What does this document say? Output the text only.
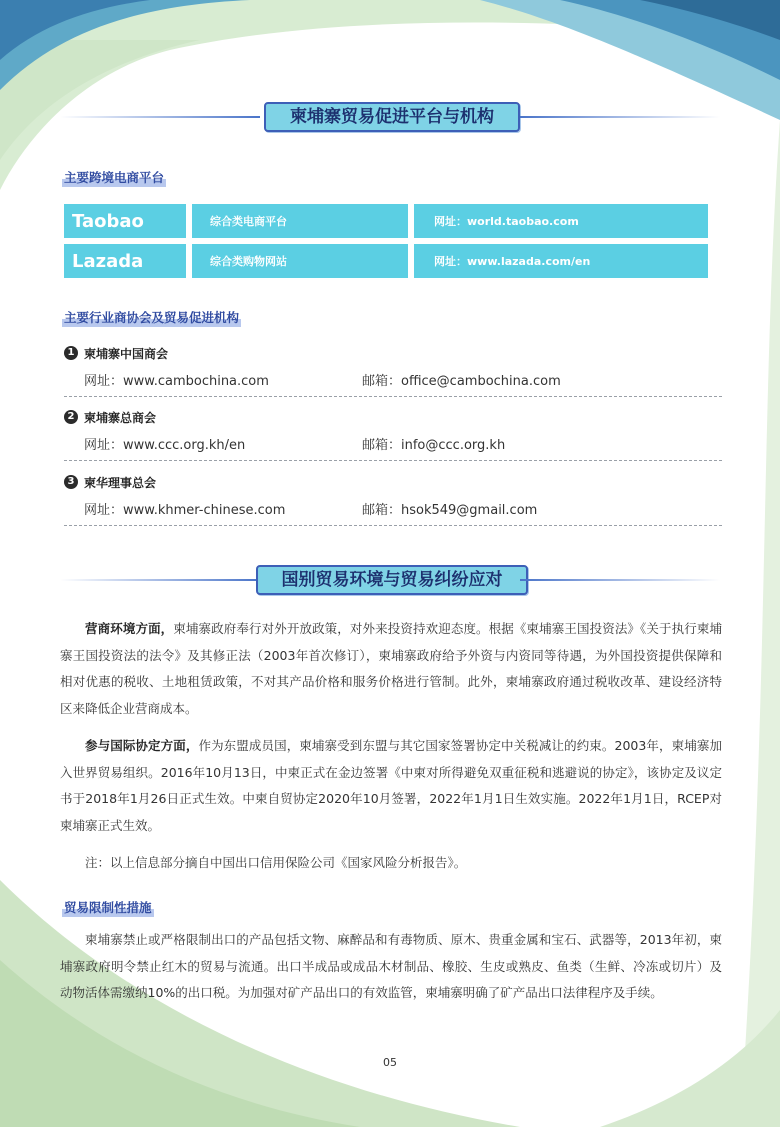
柬埔寨贸易促进平台与机构
主要跨境电商平台
Taobao	综合类电商平台	网址：world.taobao.com
Lazada	综合类购物网站	网址：www.lazada.com/en
主要行业商协会及贸易促进机构
1 柬埔寨中国商会
网址：www.cambochina.com	邮箱：office@cambochina.com
2 柬埔寨总商会
网址：www.ccc.org.kh/en	邮箱：info@ccc.org.kh
3 柬华理事总会
网址：www.khmer-chinese.com	邮箱：hsok549@gmail.com
国别贸易环境与贸易纠纷应对
营商环境方面，柬埔寨政府奉行对外开放政策，对外来投资持欢迎态度。根据《柬埔寨王国投资法》《关于执行柬埔寨王国投资法的法令》及其修正法（2003年首次修订），柬埔寨政府给予外资与内资同等待遇，为外国投资提供保障和相对优惠的税收、土地租赁政策，不对其产品价格和服务价格进行管制。此外，柬埔寨政府通过税收改革、建设经济特区来降低企业营商成本。
参与国际协定方面，作为东盟成员国，柬埔寨受到东盟与其它国家签署协定中关税减让的约束。2003年，柬埔寨加入世界贸易组织。2016年10月13日，中柬正式在金边签署《中柬对所得避免双重征税和逃避说的协定》，该协定及议定书于2018年1月26日正式生效。中柬自贸协定2020年10月签署，2022年1月1日生效实施。2022年1月1日，RCEP对柬埔寨正式生效。
注：以上信息部分摘自中国出口信用保险公司《国家风险分析报告》。
贸易限制性措施
柬埔寨禁止或严格限制出口的产品包括文物、麻醉品和有毒物质、原木、贵重金属和宝石、武器等，2013年初，柬埔寨政府明令禁止红木的贸易与流通。出口半成品或成品木材制品、橡胶、生皮或熟皮、鱼类（生鲜、冷冻或切片）及动物活体需缴纳10%的出口税。为加强对矿产品出口的有效监管，柬埔寨明确了矿产品出口法律程序及手续。
05
